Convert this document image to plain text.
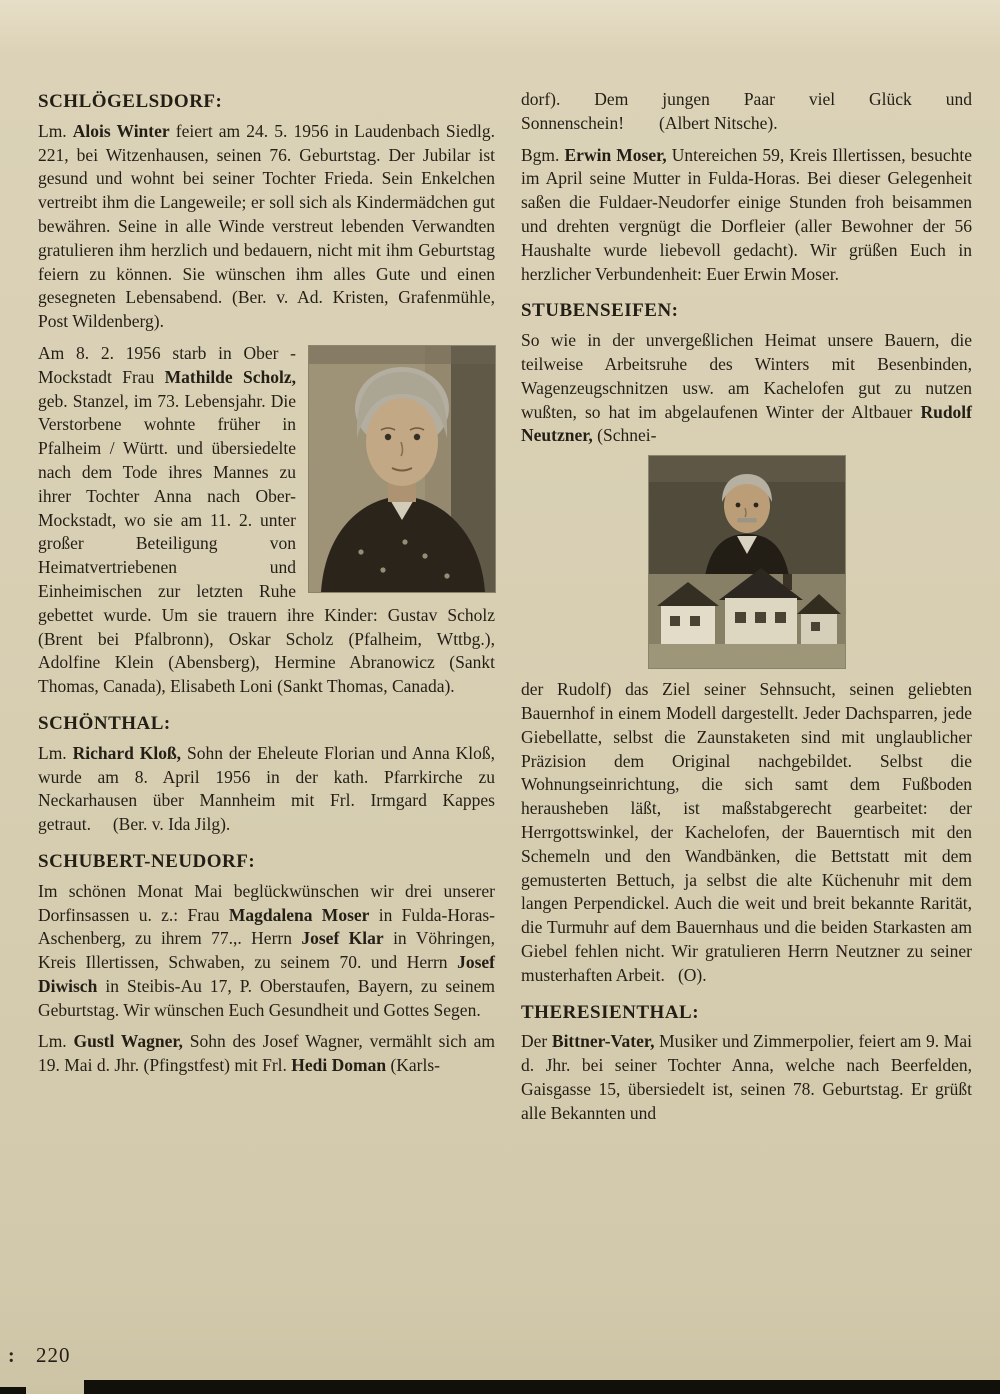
SCHLÖGELSDORF:

Lm. Alois Winter feiert am 24. 5. 1956 in Laudenbach Siedlg. 221, bei Witzenhausen, seinen 76. Geburtstag. Der Jubilar ist gesund und wohnt bei seiner Tochter Frieda. Sein Enkelchen vertreibt ihm die Langeweile; er soll sich als Kindermädchen gut bewähren. Seine in alle Winde verstreut lebenden Verwandten gratulieren ihm herzlich und bedauern, nicht mit ihm Geburtstag feiern zu können. Sie wünschen ihm alles Gute und einen gesegneten Lebensabend. (Ber. v. Ad. Kristen, Grafenmühle, Post Wildenberg).

Am 8. 2. 1956 starb in Ober - Mockstadt Frau Mathilde Scholz, geb. Stanzel, im 73. Lebensjahr. Die Verstorbene wohnte früher in Pfalheim / Württ. und übersiedelte nach dem Tode ihres Mannes zu ihrer Tochter Anna nach Ober-Mockstadt, wo sie am 11. 2. unter großer Beteiligung von Heimatvertriebenen und Einheimischen zur letzten Ruhe gebettet wurde. Um sie trauern ihre Kinder: Gustav Scholz (Brent bei Pfalbronn), Oskar Scholz (Pfalheim, Wttbg.), Adolfine Klein (Abensberg), Hermine Abranowicz (Sankt Thomas, Canada), Elisabeth Loni (Sankt Thomas, Canada).

SCHÖNTHAL:

Lm. Richard Kloß, Sohn der Eheleute Florian und Anna Kloß, wurde am 8. April 1956 in der kath. Pfarrkirche zu Neckarhausen über Mannheim mit Frl. Irmgard Kappes getraut.     (Ber. v. Ida Jilg).

SCHUBERT-NEUDORF:

Im schönen Monat Mai beglückwünschen wir drei unserer Dorfinsassen u. z.: Frau Magdalena Moser in Fulda-Horas-Aschenberg, zu ihrem 77.,. Herrn Josef Klar in Vöhringen, Kreis Illertissen, Schwaben, zu seinem 70. und Herrn Josef Diwisch in Steibis-Au 17, P. Oberstaufen, Bayern, zu seinem Geburtstag. Wir wünschen Euch Gesundheit und Gottes Segen.

Lm. Gustl Wagner, Sohn des Josef Wagner, vermählt sich am 19. Mai d. Jhr. (Pfingstfest) mit Frl. Hedi Doman (Karls-

dorf). Dem jungen Paar viel Glück und Sonnenschein!        (Albert Nitsche).

Bgm. Erwin Moser, Untereichen 59, Kreis Illertissen, besuchte im April seine Mutter in Fulda-Horas. Bei dieser Gelegenheit saßen die Fuldaer-Neudorfer einige Stunden froh beisammen und drehten vergnügt die Dorfleier (aller Bewohner der 56 Haushalte wurde liebevoll gedacht). Wir grüßen Euch in herzlicher Verbundenheit: Euer Erwin Moser.

STUBENSEIFEN:

So wie in der unvergeßlichen Heimat unsere Bauern, die teilweise Arbeitsruhe des Winters mit Besenbinden, Wagenzeugschnitzen usw. am Kachelofen gut zu nutzen wußten, so hat im abgelaufenen Winter der Altbauer Rudolf Neutzner, (Schnei-

der Rudolf) das Ziel seiner Sehnsucht, seinen geliebten Bauernhof in einem Modell dargestellt. Jeder Dachsparren, jede Giebellatte, selbst die Zaunstaketen sind mit unglaublicher Präzision dem Original nachgebildet. Selbst die Wohnungseinrichtung, die sich samt dem Fußboden herausheben läßt, ist maßstabgerecht gearbeitet: der Herrgottswinkel, der Kachelofen, der Bauerntisch mit den Schemeln und den Wandbänken, die Bettstatt mit dem gemusterten Bettuch, ja selbst die alte Küchenuhr mit dem langen Perpendickel. Auch die weit und breit bekannte Rarität, die Turmuhr auf dem Bauernhaus und die beiden Starkasten am Giebel fehlen nicht. Wir gratulieren Herrn Neutzner zu seiner musterhaften Arbeit.   (O).

THERESIENTHAL:

Der Bittner-Vater, Musiker und Zimmerpolier, feiert am 9. Mai d. Jhr. bei seiner Tochter Anna, welche nach Beerfelden, Gaisgasse 15, übersiedelt ist, seinen 78. Geburtstag. Er grüßt alle Bekannten und

: 220
